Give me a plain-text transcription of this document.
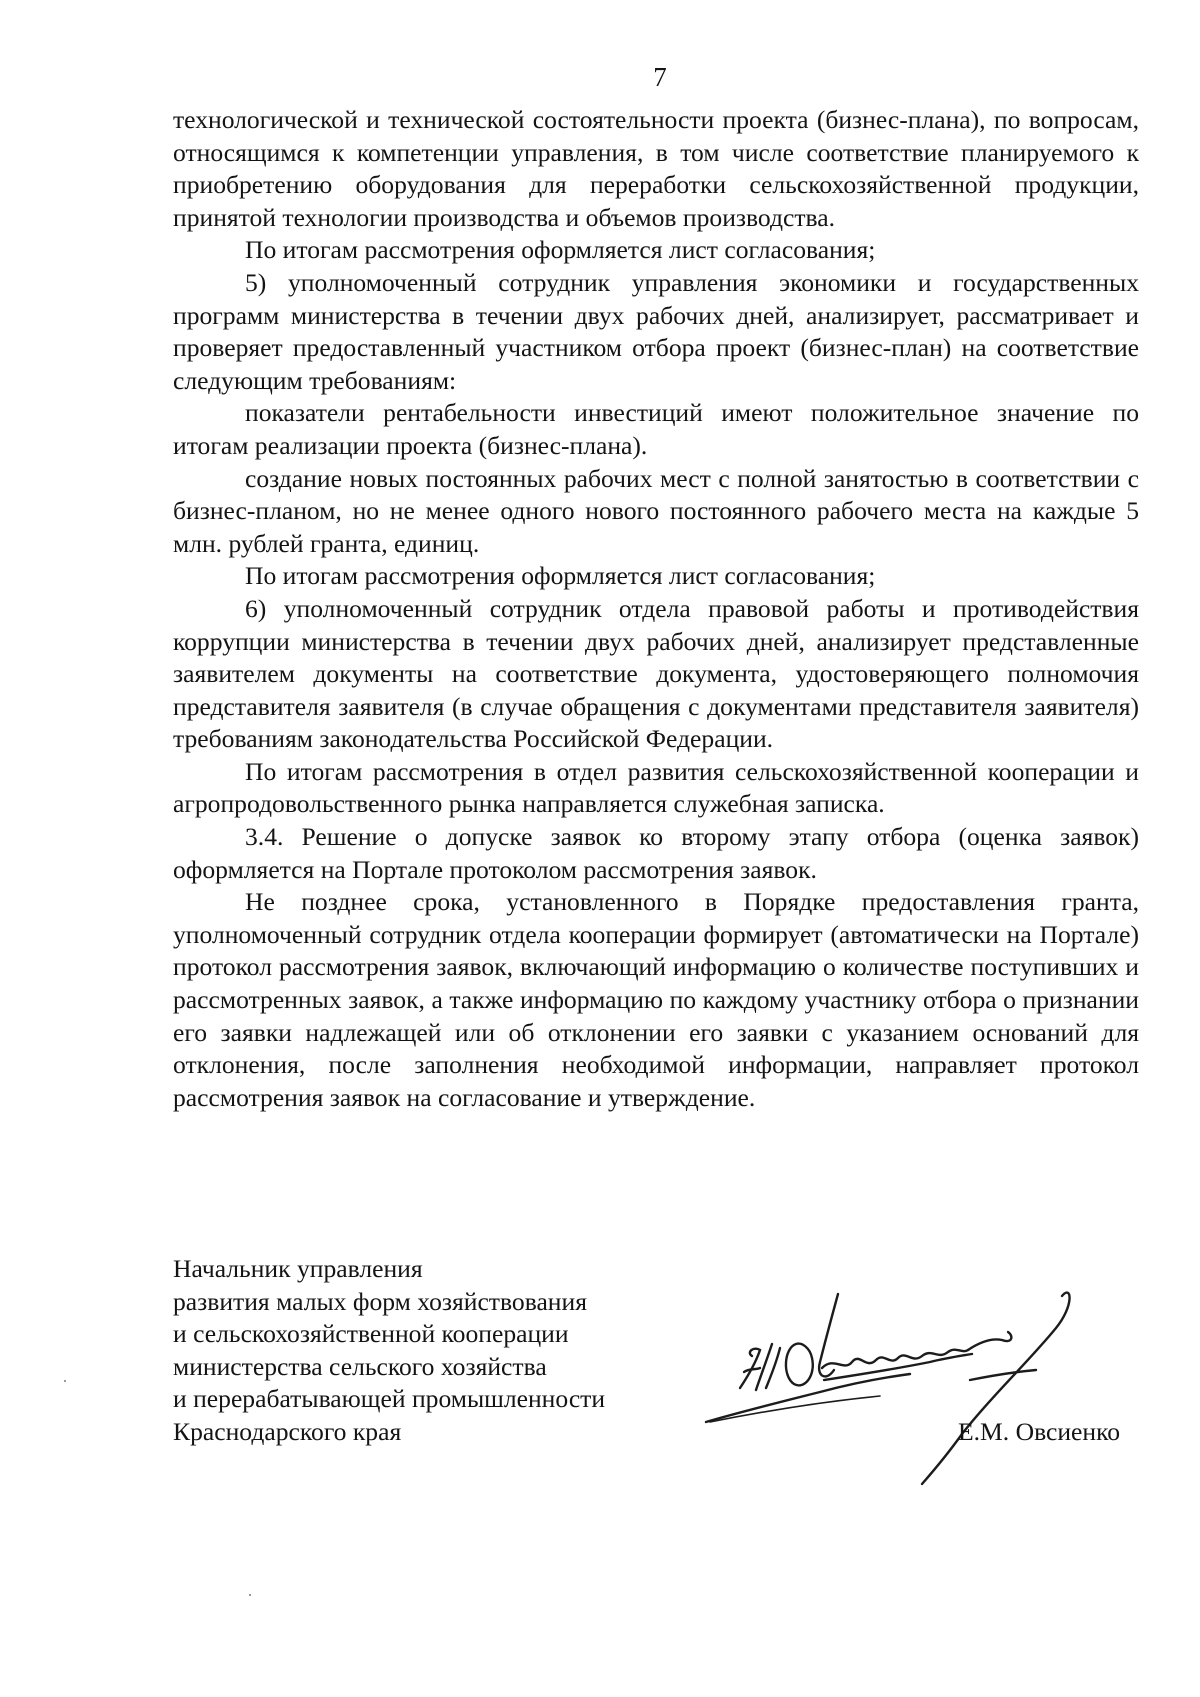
7

технологической и технической состоятельности проекта (бизнес-плана), по вопросам, относящимся к компетенции управления, в том числе соответствие планируемого к приобретению оборудования для переработки сельскохозяйственной продукции, принятой технологии производства и объемов производства.

По итогам рассмотрения оформляется лист согласования;

5) уполномоченный сотрудник управления экономики и государственных программ министерства в течении двух рабочих дней, анализирует, рассматривает и проверяет предоставленный участником отбора проект (бизнес-план) на соответствие следующим требованиям:

показатели рентабельности инвестиций имеют положительное значение по итогам реализации проекта (бизнес-плана).

создание новых постоянных рабочих мест с полной занятостью в соответствии с бизнес-планом, но не менее одного нового постоянного рабочего места на каждые 5 млн. рублей гранта, единиц.

По итогам рассмотрения оформляется лист согласования;

6) уполномоченный сотрудник отдела правовой работы и противодействия коррупции министерства в течении двух рабочих дней, анализирует представленные заявителем документы на соответствие документа, удостоверяющего полномочия представителя заявителя (в случае обращения с документами представителя заявителя) требованиям законодательства Российской Федерации.

По итогам рассмотрения в отдел развития сельскохозяйственной кооперации и агропродовольственного рынка направляется служебная записка.

3.4. Решение о допуске заявок ко второму этапу отбора (оценка заявок) оформляется на Портале протоколом рассмотрения заявок.

Не позднее срока, установленного в Порядке предоставления гранта, уполномоченный сотрудник отдела кооперации формирует (автоматически на Портале) протокол рассмотрения заявок, включающий информацию о количестве поступивших и рассмотренных заявок, а также информацию по каждому участнику отбора о признании его заявки надлежащей или об отклонении его заявки с указанием оснований для отклонения, после заполнения необходимой информации, направляет протокол рассмотрения заявок на согласование и утверждение.

Начальник управления
развития малых форм хозяйствования
и сельскохозяйственной кооперации
министерства сельского хозяйства
и перерабатывающей промышленности
Краснодарского края	Е.М. Овсиенко
